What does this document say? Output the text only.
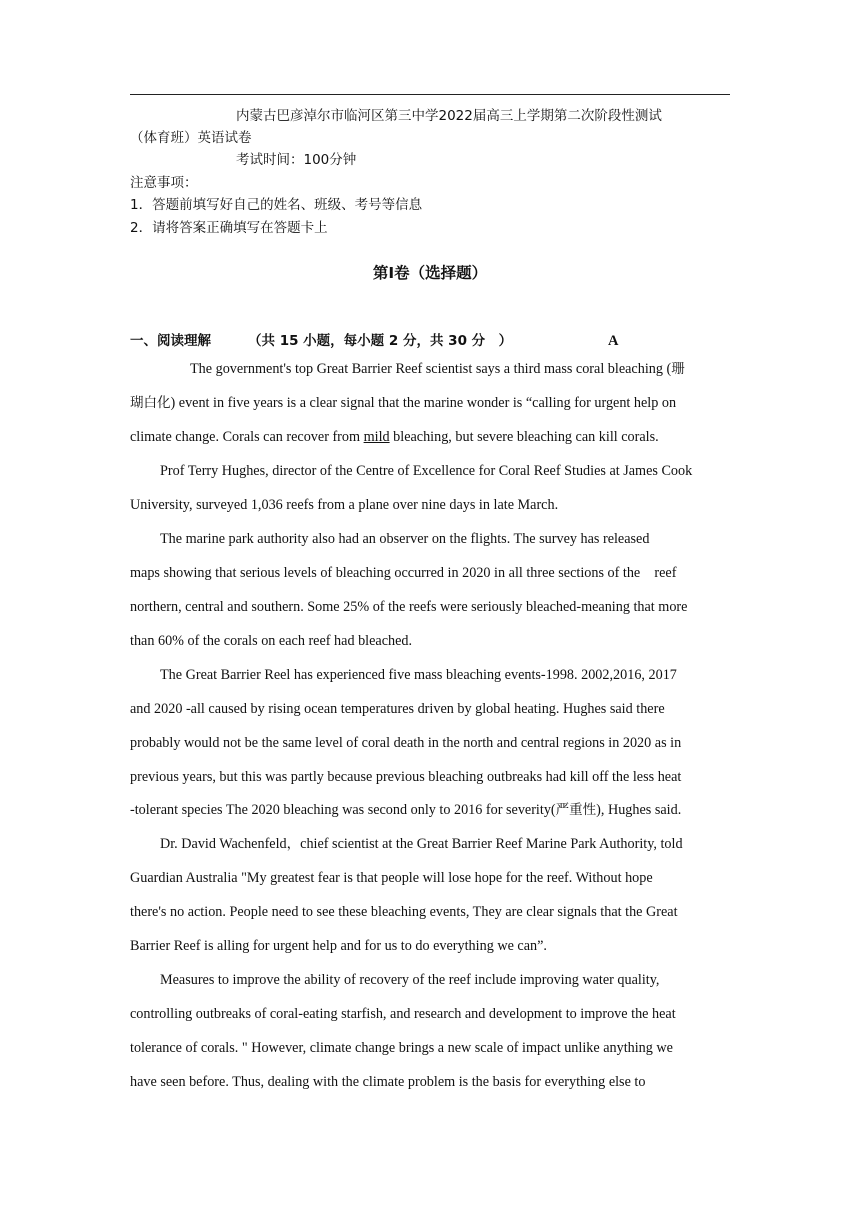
内蒙古巴彦淖尔市临河区第三中学2022届高三上学期第二次阶段性测试
（体育班）英语试卷
考试时间：100分钟
注意事项：
1．答题前填写好自己的姓名、班级、考号等信息
2．请将答案正确填写在答题卡上
第Ⅰ卷（选择题）
一、阅读理解	（共 15 小题，每小题 2 分，共 30 分　）	A
The government's top Great Barrier Reef scientist says a third mass coral bleaching (珊
瑚白化) event in five years is a clear signal that the marine wonder is “calling for urgent help on
climate change. Corals can recover from mild bleaching, but severe bleaching can kill corals.
Prof Terry Hughes, director of the Centre of Excellence for Coral Reef Studies at James Cook
University, surveyed 1,036 reefs from a plane over nine days in late March.
The marine park authority also had an observer on the flights. The survey has released
maps showing that serious levels of bleaching occurred in 2020 in all three sections of the　reef
northern, central and southern. Some 25% of the reefs were seriously bleached-meaning that more
than 60% of the corals on each reef had bleached.
The Great Barrier Reel has experienced five mass bleaching events-1998. 2002,2016, 2017
and 2020 -all caused by rising ocean temperatures driven by global heating. Hughes said there
probably would not be the same level of coral death in the north and central regions in 2020 as in
previous years, but this was partly because previous bleaching outbreaks had kill off the less heat
-tolerant species The 2020 bleaching was second only to 2016 for severity(严重性), Hughes said.
Dr. David Wachenfeld，chief scientist at the Great Barrier Reef Marine Park Authority, told
Guardian Australia "My greatest fear is that people will lose hope for the reef. Without hope
there's no action. People need to see these bleaching events, They are clear signals that the Great
Barrier Reef is alling for urgent help and for us to do everything we can”.
Measures to improve the ability of recovery of the reef include improving water quality,
controlling outbreaks of coral-eating starfish, and research and development to improve the heat
tolerance of corals. " However, climate change brings a new scale of impact unlike anything we
have seen before. Thus, dealing with the climate problem is the basis for everything else to
